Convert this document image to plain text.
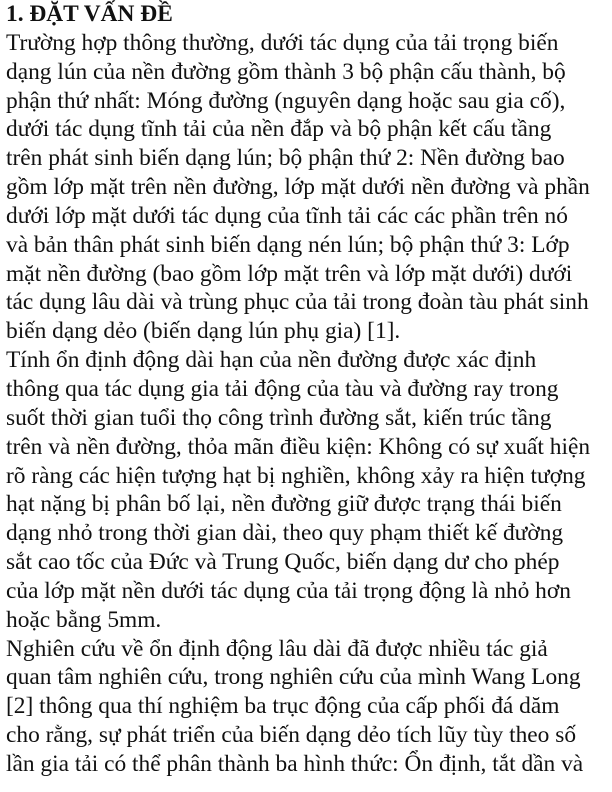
1. ĐẶT VẤN ĐỀ
Trường hợp thông thường, dưới tác dụng của tải trọng biến
dạng lún của nền đường gồm thành 3 bộ phận cấu thành, bộ
phận thứ nhất: Móng đường (nguyên dạng hoặc sau gia cố),
dưới tác dụng tĩnh tải của nền đắp và bộ phận kết cấu tầng
trên phát sinh biến dạng lún; bộ phận thứ 2: Nền đường bao
gồm lớp mặt trên nền đường, lớp mặt dưới nền đường và phần
dưới lớp mặt dưới tác dụng của tĩnh tải các các phần trên nó
và bản thân phát sinh biến dạng nén lún; bộ phận thứ 3: Lớp
mặt nền đường (bao gồm lớp mặt trên và lớp mặt dưới) dưới
tác dụng lâu dài và trùng phục của tải trong đoàn tàu phát sinh
biến dạng dẻo (biến dạng lún phụ gia) [1].
Tính ổn định động dài hạn của nền đường được xác định
thông qua tác dụng gia tải động của tàu và đường ray trong
suốt thời gian tuổi thọ công trình đường sắt, kiến trúc tầng
trên và nền đường, thỏa mãn điều kiện: Không có sự xuất hiện
rõ ràng các hiện tượng hạt bị nghiền, không xảy ra hiện tượng
hạt nặng bị phân bố lại, nền đường giữ được trạng thái biến
dạng nhỏ trong thời gian dài, theo quy phạm thiết kế đường
sắt cao tốc của Đức và Trung Quốc, biến dạng dư cho phép
của lớp mặt nền dưới tác dụng của tải trọng động là nhỏ hơn
hoặc bằng 5mm.
Nghiên cứu về ổn định động lâu dài đã được nhiều tác giả
quan tâm nghiên cứu, trong nghiên cứu của mình Wang Long
[2] thông qua thí nghiệm ba trục động của cấp phối đá dăm
cho rằng, sự phát triển của biến dạng dẻo tích lũy tùy theo số
lần gia tải có thể phân thành ba hình thức: Ổn định, tắt dần và
